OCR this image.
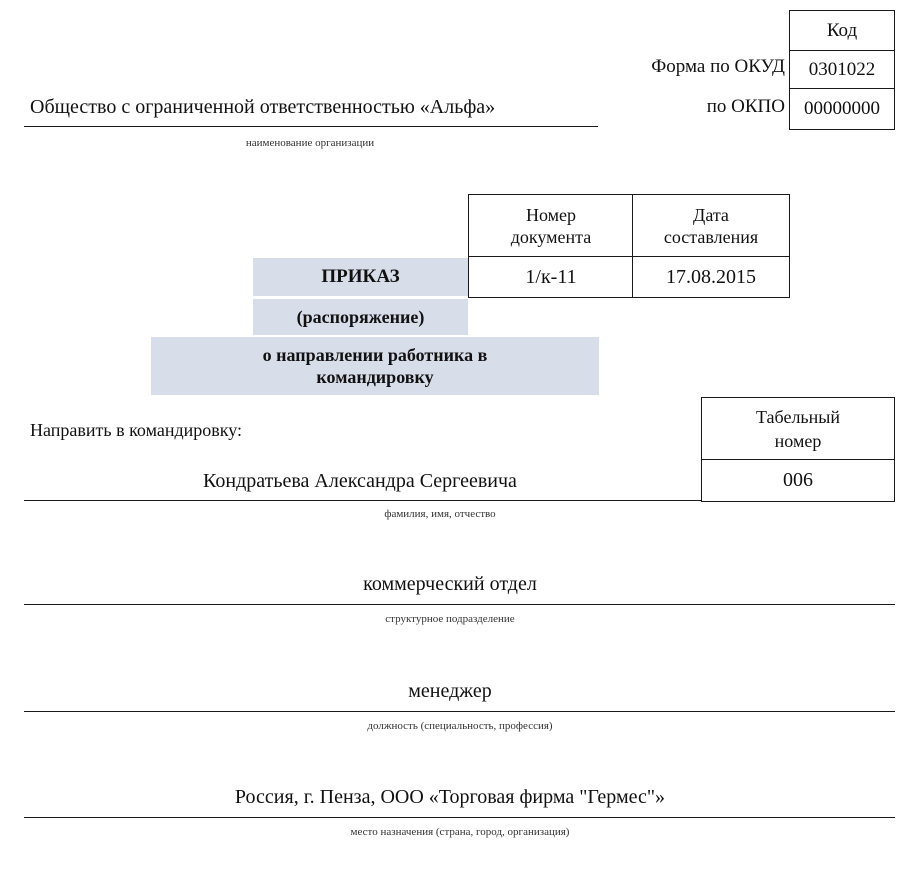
Код
Форма по ОКУД 0301022
по ОКПО 00000000
Общество с ограниченной ответственностью «Альфа»
наименование организации
Номер документа
Дата составления
1/к-11	17.08.2015
ПРИКАЗ
(распоряжение)
о направлении работника в командировку
Направить в командировку:
Табельный номер
006
Кондратьева Александра Сергеевича
фамилия, имя, отчество
коммерческий отдел
структурное подразделение
менеджер
должность (специальность, профессия)
Россия, г. Пенза, ООО «Торговая фирма "Гермес"»
место назначения (страна, город, организация)
